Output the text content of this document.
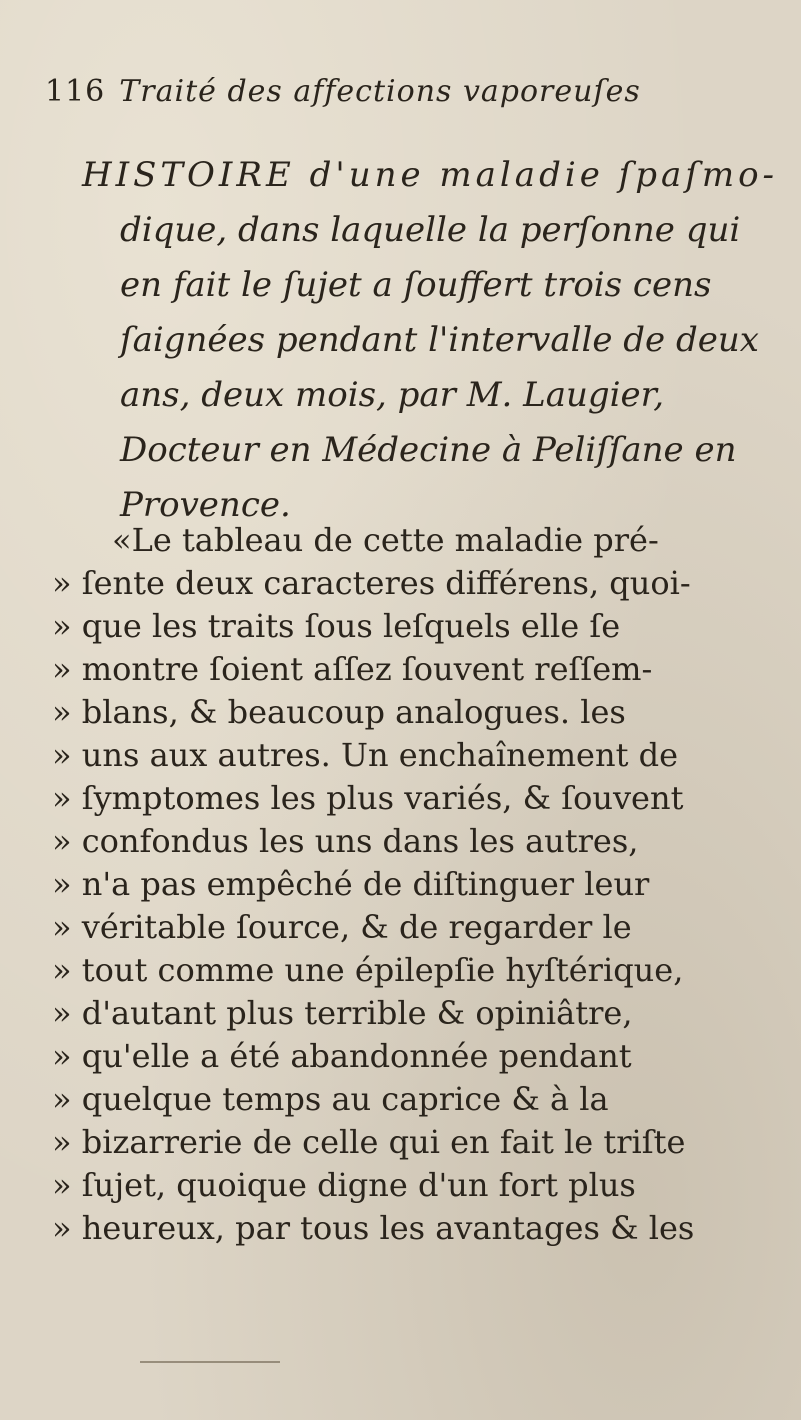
116 Traité des affections vaporeuſes
HISTOIRE d'une maladie ſpaſmo-
dique, dans laquelle la perſonne qui
en fait le ſujet a ſouffert trois cens
ſaignées pendant l'intervalle de deux
ans, deux mois, par M. Laugier,
Docteur en Médecine à Peliſſane en
Provence.
«Le tableau de cette maladie pré-
» ſente deux caracteres différens, quoi-
» que les traits ſous leſquels elle ſe
» montre ſoient aſſez ſouvent reſſem-
» blans, & beaucoup analogues. les
» uns aux autres. Un enchaînement de
» ſymptomes les plus variés, & ſouvent
» confondus les uns dans les autres,
» n'a pas empêché de diſtinguer leur
» véritable ſource, & de regarder le
» tout comme une épilepſie hyſtérique,
» d'autant plus terrible & opiniâtre,
» qu'elle a été abandonnée pendant
» quelque temps au caprice & à la
» bizarrerie de celle qui en fait le triſte
» ſujet, quoique digne d'un fort plus
» heureux, par tous les avantages & les
